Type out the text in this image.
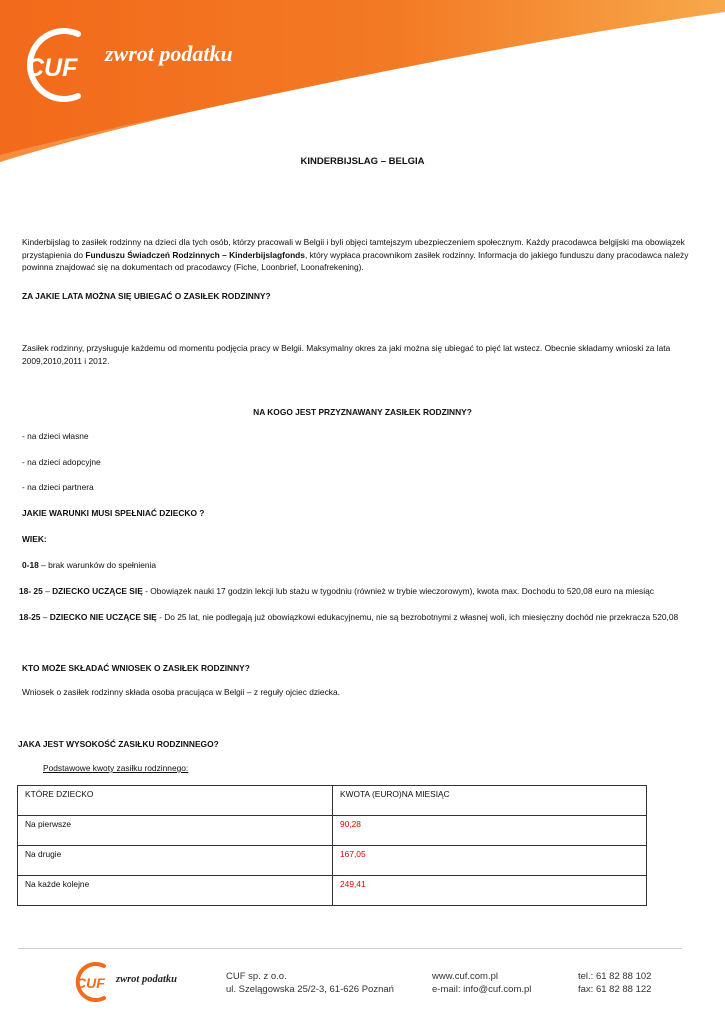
CUF
zwrot podatku
KINDERBIJSLAG – BELGIA
Kinderbijslag to zasiłek rodzinny na dzieci dla tych osób, którzy pracowali w Belgii i byli objęci tamtejszym ubezpieczeniem społecznym. Każdy pracodawca belgijski ma obowiązek przystąpienia do Funduszu Świadczeń Rodzinnych – Kinderbijslagfonds, który wypłaca pracownikom zasiłek rodzinny. Informacja do jakiego funduszu dany pracodawca należy powinna znajdować się na dokumentach od pracodawcy (Fiche, Loonbrief, Loonafrekening).
ZA JAKIE LATA MOŻNA SIĘ UBIEGAĆ O ZASIŁEK RODZINNY?
Zasiłek rodzinny, przysługuje każdemu od momentu podjęcia pracy w Belgii. Maksymalny okres za jaki można się ubiegać to pięć lat wstecz. Obecnie składamy wnioski za lata 2009,2010,2011 i 2012.
NA KOGO JEST PRZYZNAWANY ZASIŁEK RODZINNY?
- na dzieci własne
- na dzieci adopcyjne
- na dzieci partnera
JAKIE WARUNKI MUSI SPEŁNIAĆ DZIECKO ?
WIEK:
0-18 – brak warunków do spełnienia
18- 25 – DZIECKO UCZĄCE SIĘ - Obowiązek nauki 17 godzin lekcji lub stażu w tygodniu (również w trybie wieczorowym), kwota max. Dochodu to 520,08 euro na miesiąc
18-25 – DZIECKO NIE UCZĄCE SIĘ - Do 25 lat, nie podlegają już obowiązkowi edukacyjnemu, nie są bezrobotnymi z własnej woli, ich miesięczny dochód nie przekracza 520,08
KTO MOŻE SKŁADAĆ WNIOSEK O ZASIŁEK RODZINNY?
Wniosek o zasiłek rodzinny składa osoba pracująca w Belgii – z reguły ojciec dziecka.
JAKA JEST WYSOKOŚĆ ZASIŁKU RODZINNEGO?
Podstawowe kwoty zasiłku rodzinnego:
KTÓRE DZIECKO	KWOTA (EURO)NA MIESIĄC
Na pierwsze	90,28
Na drugie	167,05
Na każde kolejne	249,41
CUF zwrot podatku	CUF sp. z o.o.
ul. Szelągowska 25/2-3, 61-626 Poznań
www.cuf.com.pl
e-mail: info@cuf.com.pl
tel.: 61 82 88 102
fax: 61 82 88 122
